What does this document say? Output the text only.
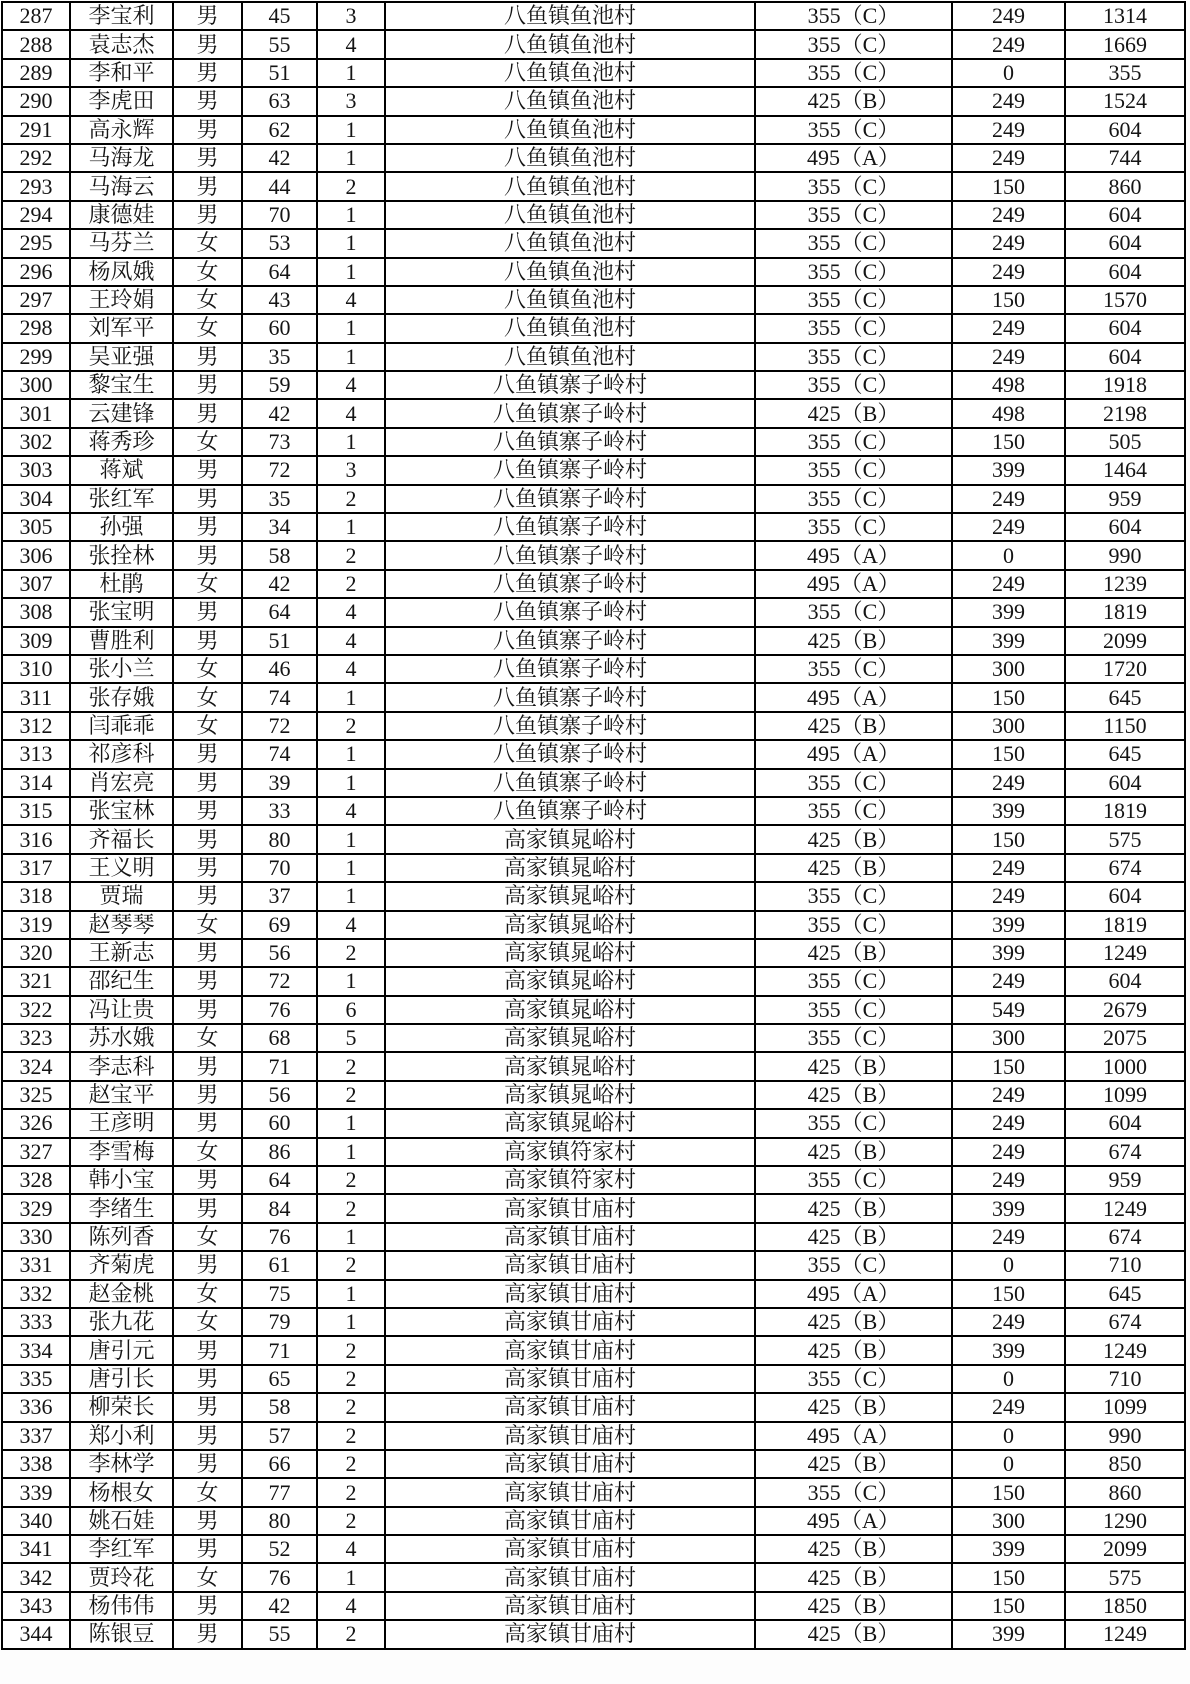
287	李宝利	男	45	3	八鱼镇鱼池村	355（C）	249	1314
288	袁志杰	男	55	4	八鱼镇鱼池村	355（C）	249	1669
289	李和平	男	51	1	八鱼镇鱼池村	355（C）	0	355
290	李虎田	男	63	3	八鱼镇鱼池村	425（B）	249	1524
291	高永辉	男	62	1	八鱼镇鱼池村	355（C）	249	604
292	马海龙	男	42	1	八鱼镇鱼池村	495（A）	249	744
293	马海云	男	44	2	八鱼镇鱼池村	355（C）	150	860
294	康德娃	男	70	1	八鱼镇鱼池村	355（C）	249	604
295	马芬兰	女	53	1	八鱼镇鱼池村	355（C）	249	604
296	杨凤娥	女	64	1	八鱼镇鱼池村	355（C）	249	604
297	王玲娟	女	43	4	八鱼镇鱼池村	355（C）	150	1570
298	刘军平	女	60	1	八鱼镇鱼池村	355（C）	249	604
299	吴亚强	男	35	1	八鱼镇鱼池村	355（C）	249	604
300	黎宝生	男	59	4	八鱼镇寨子岭村	355（C）	498	1918
301	云建锋	男	42	4	八鱼镇寨子岭村	425（B）	498	2198
302	蒋秀珍	女	73	1	八鱼镇寨子岭村	355（C）	150	505
303	蒋斌	男	72	3	八鱼镇寨子岭村	355（C）	399	1464
304	张红军	男	35	2	八鱼镇寨子岭村	355（C）	249	959
305	孙强	男	34	1	八鱼镇寨子岭村	355（C）	249	604
306	张拴林	男	58	2	八鱼镇寨子岭村	495（A）	0	990
307	杜鹃	女	42	2	八鱼镇寨子岭村	495（A）	249	1239
308	张宝明	男	64	4	八鱼镇寨子岭村	355（C）	399	1819
309	曹胜利	男	51	4	八鱼镇寨子岭村	425（B）	399	2099
310	张小兰	女	46	4	八鱼镇寨子岭村	355（C）	300	1720
311	张存娥	女	74	1	八鱼镇寨子岭村	495（A）	150	645
312	闫乖乖	女	72	2	八鱼镇寨子岭村	425（B）	300	1150
313	祁彦科	男	74	1	八鱼镇寨子岭村	495（A）	150	645
314	肖宏亮	男	39	1	八鱼镇寨子岭村	355（C）	249	604
315	张宝林	男	33	4	八鱼镇寨子岭村	355（C）	399	1819
316	齐福长	男	80	1	高家镇晁峪村	425（B）	150	575
317	王义明	男	70	1	高家镇晁峪村	425（B）	249	674
318	贾瑞	男	37	1	高家镇晁峪村	355（C）	249	604
319	赵琴琴	女	69	4	高家镇晁峪村	355（C）	399	1819
320	王新志	男	56	2	高家镇晁峪村	425（B）	399	1249
321	邵纪生	男	72	1	高家镇晁峪村	355（C）	249	604
322	冯让贵	男	76	6	高家镇晁峪村	355（C）	549	2679
323	苏水娥	女	68	5	高家镇晁峪村	355（C）	300	2075
324	李志科	男	71	2	高家镇晁峪村	425（B）	150	1000
325	赵宝平	男	56	2	高家镇晁峪村	425（B）	249	1099
326	王彦明	男	60	1	高家镇晁峪村	355（C）	249	604
327	李雪梅	女	86	1	高家镇符家村	425（B）	249	674
328	韩小宝	男	64	2	高家镇符家村	355（C）	249	959
329	李绪生	男	84	2	高家镇甘庙村	425（B）	399	1249
330	陈列香	女	76	1	高家镇甘庙村	425（B）	249	674
331	齐菊虎	男	61	2	高家镇甘庙村	355（C）	0	710
332	赵金桃	女	75	1	高家镇甘庙村	495（A）	150	645
333	张九花	女	79	1	高家镇甘庙村	425（B）	249	674
334	唐引元	男	71	2	高家镇甘庙村	425（B）	399	1249
335	唐引长	男	65	2	高家镇甘庙村	355（C）	0	710
336	柳荣长	男	58	2	高家镇甘庙村	425（B）	249	1099
337	郑小利	男	57	2	高家镇甘庙村	495（A）	0	990
338	李林学	男	66	2	高家镇甘庙村	425（B）	0	850
339	杨根女	女	77	2	高家镇甘庙村	355（C）	150	860
340	姚石娃	男	80	2	高家镇甘庙村	495（A）	300	1290
341	李红军	男	52	4	高家镇甘庙村	425（B）	399	2099
342	贾玲花	女	76	1	高家镇甘庙村	425（B）	150	575
343	杨伟伟	男	42	4	高家镇甘庙村	425（B）	150	1850
344	陈银豆	男	55	2	高家镇甘庙村	425（B）	399	1249
